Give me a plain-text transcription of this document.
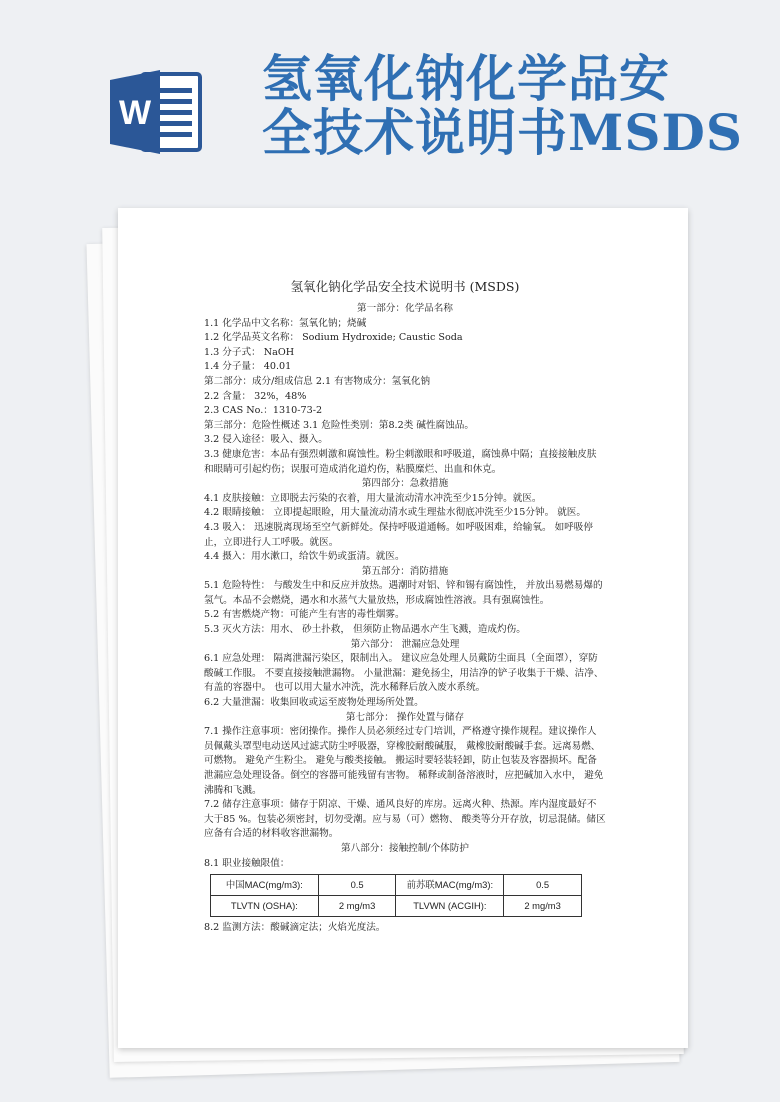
W
氢氧化钠化学品安
全技术说明书MSDS
氢氧化钠化学品安全技术说明书 (MSDS)
第一部分：化学品名称
1.1 化学品中文名称：氢氧化钠；烧碱
1.2 化学品英文名称： Sodium Hydroxide; Caustic Soda
1.3 分子式： NaOH
1.4 分子量： 40.01
第二部分：成分/组成信息 2.1 有害物成分：氢氧化钠
2.2 含量： 32%，48%
2.3 CAS No.：1310-73-2
第三部分：危险性概述 3.1 危险性类别：第8.2类 碱性腐蚀品。
3.2 侵入途径：吸入、摄入。
3.3 健康危害：本品有强烈刺激和腐蚀性。粉尘刺激眼和呼吸道，腐蚀鼻中隔；直接接触皮肤和眼睛可引起灼伤；误服可造成消化道灼伤，粘膜糜烂、出血和休克。
第四部分：急救措施
4.1 皮肤接触：立即脱去污染的衣着，用大量流动清水冲洗至少15分钟。就医。
4.2 眼睛接触： 立即提起眼睑，用大量流动清水或生理盐水彻底冲洗至少15分钟。 就医。
4.3 吸入： 迅速脱离现场至空气新鲜处。保持呼吸道通畅。如呼吸困难，给输氧。 如呼吸停止，立即进行人工呼吸。就医。
4.4 摄入：用水漱口，给饮牛奶或蛋清。就医。
第五部分：消防措施
5.1 危险特性： 与酸发生中和反应并放热。遇潮时对铝、锌和锡有腐蚀性， 并放出易燃易爆的氢气。本品不会燃烧，遇水和水蒸气大量放热，形成腐蚀性溶液。具有强腐蚀性。
5.2 有害燃烧产物：可能产生有害的毒性烟雾。
5.3 灭火方法：用水、 砂土扑救， 但须防止物品遇水产生飞溅，造成灼伤。
第六部分： 泄漏应急处理
6.1 应急处理： 隔离泄漏污染区，限制出入。 建议应急处理人员戴防尘面具（全面罩），穿防酸碱工作服。 不要直接接触泄漏物。 小量泄漏：避免扬尘，用洁净的铲子收集于干燥、洁净、有盖的容器中。 也可以用大量水冲洗，洗水稀释后放入废水系统。
6.2 大量泄漏：收集回收或运至废物处理场所处置。
第七部分： 操作处置与储存
7.1 操作注意事项：密闭操作。操作人员必须经过专门培训，严格遵守操作规程。建议操作人员佩戴头罩型电动送风过滤式防尘呼吸器，穿橡胶耐酸碱服， 戴橡胶耐酸碱手套。远离易燃、可燃物。 避免产生粉尘。 避免与酸类接触。 搬运时要轻装轻卸，防止包装及容器损坏。配备泄漏应急处理设备。倒空的容器可能残留有害物。 稀释或制备溶液时，应把碱加入水中， 避免沸腾和飞溅。
7.2 储存注意事项：储存于阴凉、干燥、通风良好的库房。远离火种、热源。库内湿度最好不大于85 %。包装必须密封，切勿受潮。应与易（可）燃物、 酸类等分开存放，切忌混储。储区应备有合适的材料收容泄漏物。
第八部分：接触控制/个体防护
8.1 职业接触限值：
中国MAC(mg/m3):	0.5	前苏联MAC(mg/m3):	0.5
TLVTN (OSHA):	2 mg/m3	TLVWN (ACGIH):	2 mg/m3
8.2 监测方法：酸碱滴定法；火焰光度法。
